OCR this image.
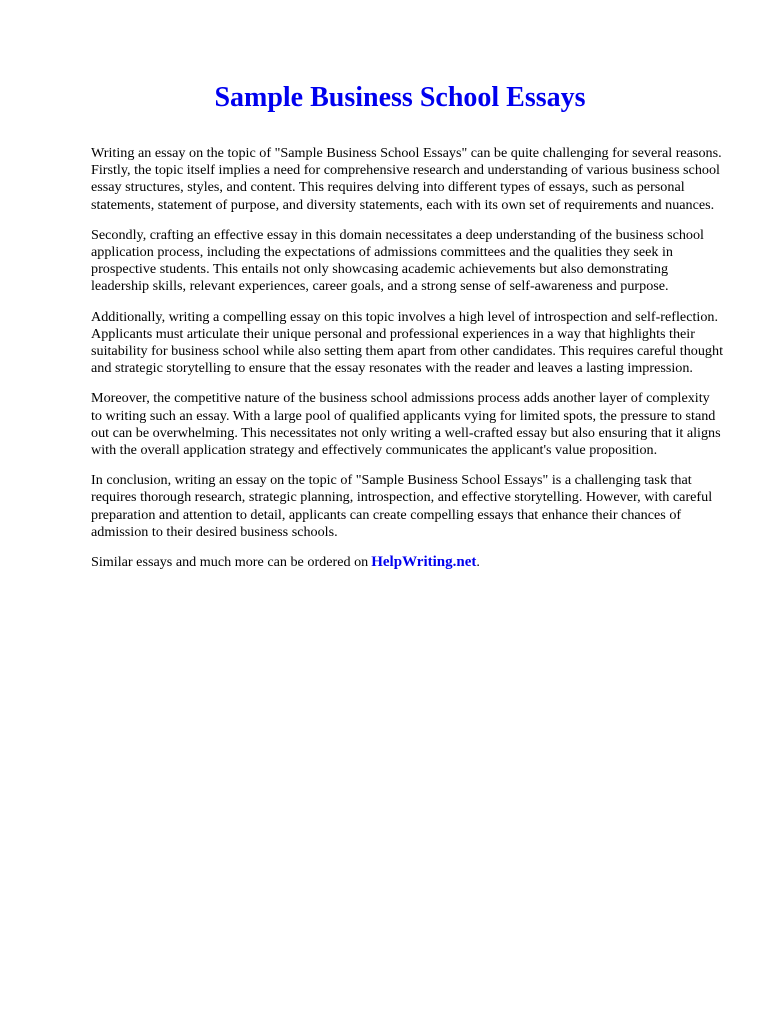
Sample Business School Essays

Writing an essay on the topic of "Sample Business School Essays" can be quite challenging for several reasons. Firstly, the topic itself implies a need for comprehensive research and understanding of various business school essay structures, styles, and content. This requires delving into different types of essays, such as personal statements, statement of purpose, and diversity statements, each with its own set of requirements and nuances.

Secondly, crafting an effective essay in this domain necessitates a deep understanding of the business school application process, including the expectations of admissions committees and the qualities they seek in prospective students. This entails not only showcasing academic achievements but also demonstrating leadership skills, relevant experiences, career goals, and a strong sense of self-awareness and purpose.

Additionally, writing a compelling essay on this topic involves a high level of introspection and self-reflection. Applicants must articulate their unique personal and professional experiences in a way that highlights their suitability for business school while also setting them apart from other candidates. This requires careful thought and strategic storytelling to ensure that the essay resonates with the reader and leaves a lasting impression.

Moreover, the competitive nature of the business school admissions process adds another layer of complexity to writing such an essay. With a large pool of qualified applicants vying for limited spots, the pressure to stand out can be overwhelming. This necessitates not only writing a well-crafted essay but also ensuring that it aligns with the overall application strategy and effectively communicates the applicant's value proposition.

In conclusion, writing an essay on the topic of "Sample Business School Essays" is a challenging task that requires thorough research, strategic planning, introspection, and effective storytelling. However, with careful preparation and attention to detail, applicants can create compelling essays that enhance their chances of admission to their desired business schools.

Similar essays and much more can be ordered on HelpWriting.net.
